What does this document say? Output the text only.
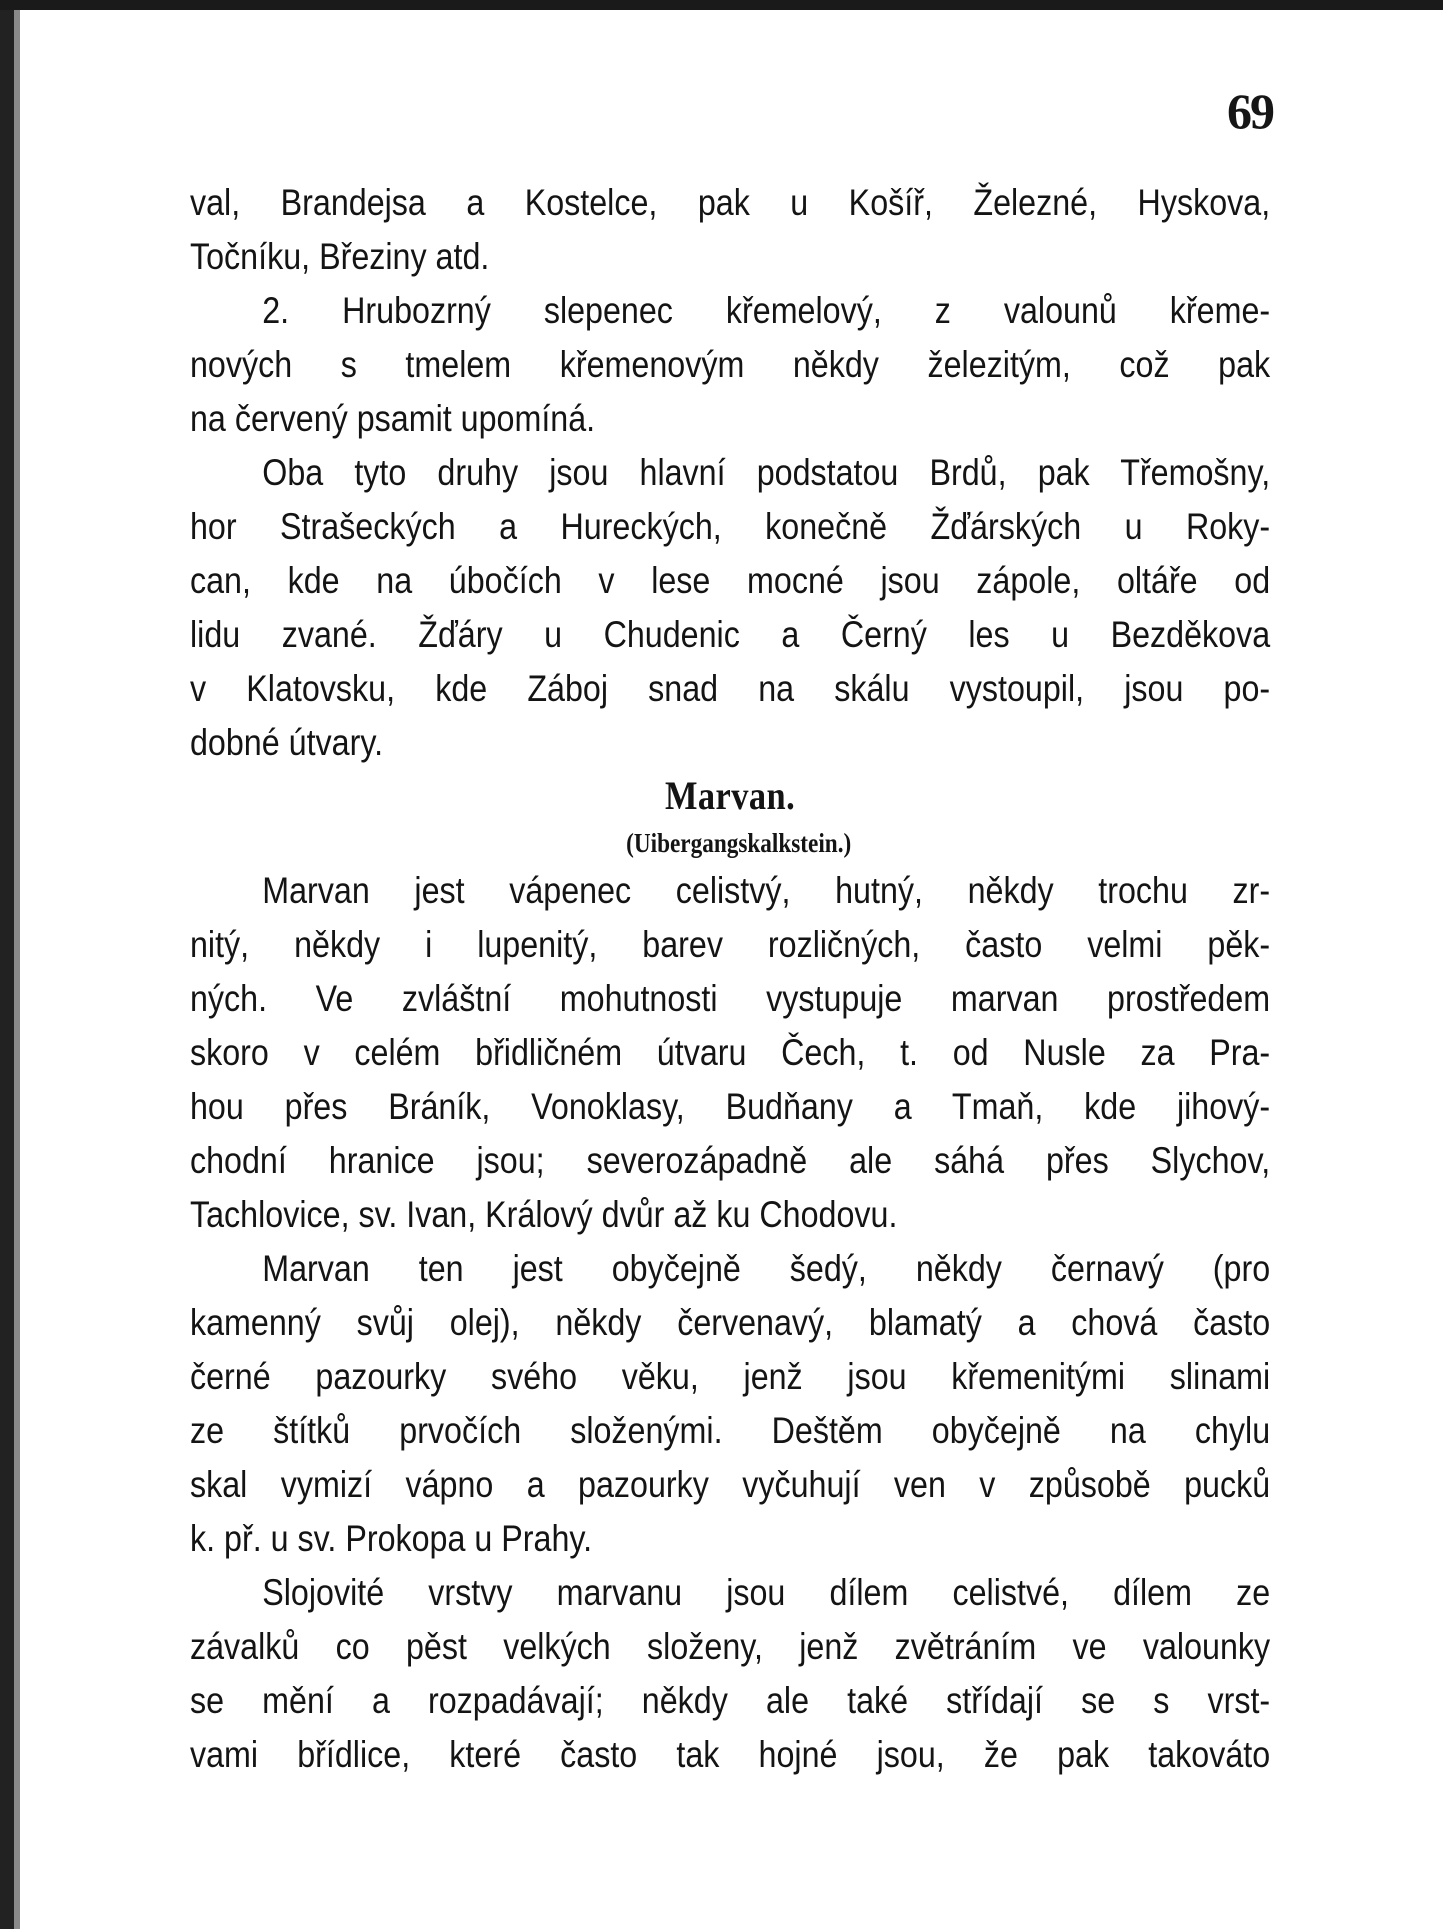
69
val, Brandejsa a Kostelce, pak u Košíř, Železné, Hyskova,
Točníku, Březiny atd.
2. Hrubozrný slepenec křemelový, z valounů křeme-
nových s tmelem křemenovým někdy železitým, což pak
na červený psamit upomíná.
Oba tyto druhy jsou hlavní podstatou Brdů, pak Třemošny,
hor Strašeckých a Hureckých, konečně Žďárských u Roky-
can, kde na úbočích v lese mocné jsou zápole, oltáře od
lidu zvané. Žďáry u Chudenic a Černý les u Bezděkova
v Klatovsku, kde Záboj snad na skálu vystoupil, jsou po-
dobné útvary.
Marvan.
(Uibergangskalkstein.)
Marvan jest vápenec celistvý, hutný, někdy trochu zr-
nitý, někdy i lupenitý, barev rozličných, často velmi pěk-
ných. Ve zvláštní mohutnosti vystupuje marvan prostředem
skoro v celém břidličném útvaru Čech, t. od Nusle za Pra-
hou přes Bráník, Vonoklasy, Budňany a Tmaň, kde jihový-
chodní hranice jsou; severozápadně ale sáhá přes Slychov,
Tachlovice, sv. Ivan, Králový dvůr až ku Chodovu.
Marvan ten jest obyčejně šedý, někdy černavý (pro
kamenný svůj olej), někdy červenavý, blamatý a chová často
černé pazourky svého věku, jenž jsou křemenitými slinami
ze štítků prvočích složenými. Deštěm obyčejně na chylu
skal vymizí vápno a pazourky vyčuhují ven v způsobě pucků
k. př. u sv. Prokopa u Prahy.
Slojovité vrstvy marvanu jsou dílem celistvé, dílem ze
závalků co pěst velkých složeny, jenž zvětráním ve valounky
se mění a rozpadávají; někdy ale také střídají se s vrst-
vami břídlice, které často tak hojné jsou, že pak takováto
